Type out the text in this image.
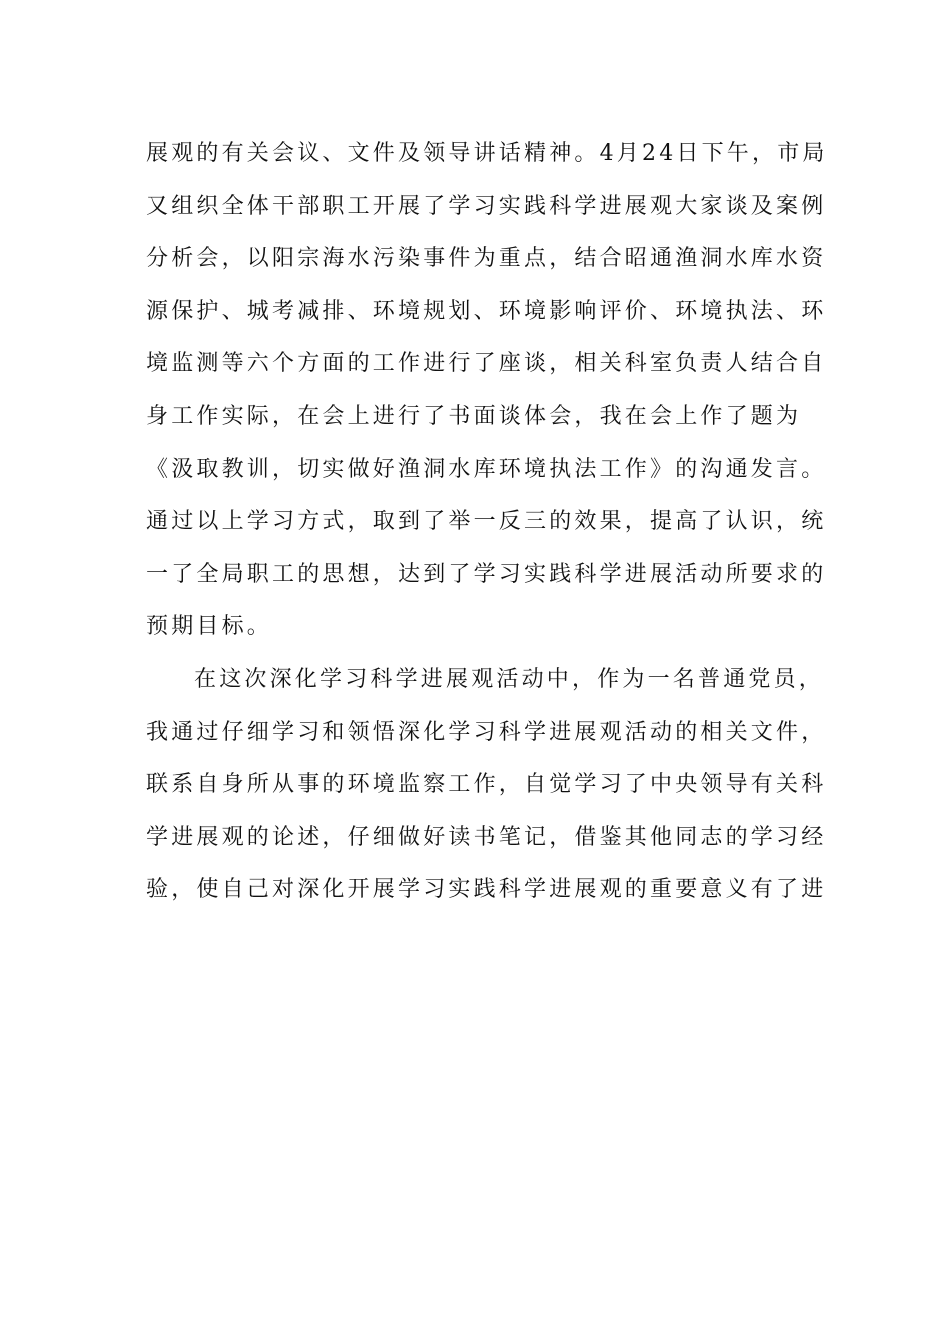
展观的有关会议、文件及领导讲话精神。4月24日下午，市局
又组织全体干部职工开展了学习实践科学进展观大家谈及案例
分析会，以阳宗海水污染事件为重点，结合昭通渔洞水库水资
源保护、城考减排、环境规划、环境影响评价、环境执法、环
境监测等六个方面的工作进行了座谈，相关科室负责人结合自
身工作实际，在会上进行了书面谈体会，我在会上作了题为
《汲取教训，切实做好渔洞水库环境执法工作》的沟通发言。
通过以上学习方式，取到了举一反三的效果，提高了认识，统
一了全局职工的思想，达到了学习实践科学进展活动所要求的
预期目标。
在这次深化学习科学进展观活动中，作为一名普通党员，
我通过仔细学习和领悟深化学习科学进展观活动的相关文件，
联系自身所从事的环境监察工作，自觉学习了中央领导有关科
学进展观的论述，仔细做好读书笔记，借鉴其他同志的学习经
验，使自己对深化开展学习实践科学进展观的重要意义有了进
